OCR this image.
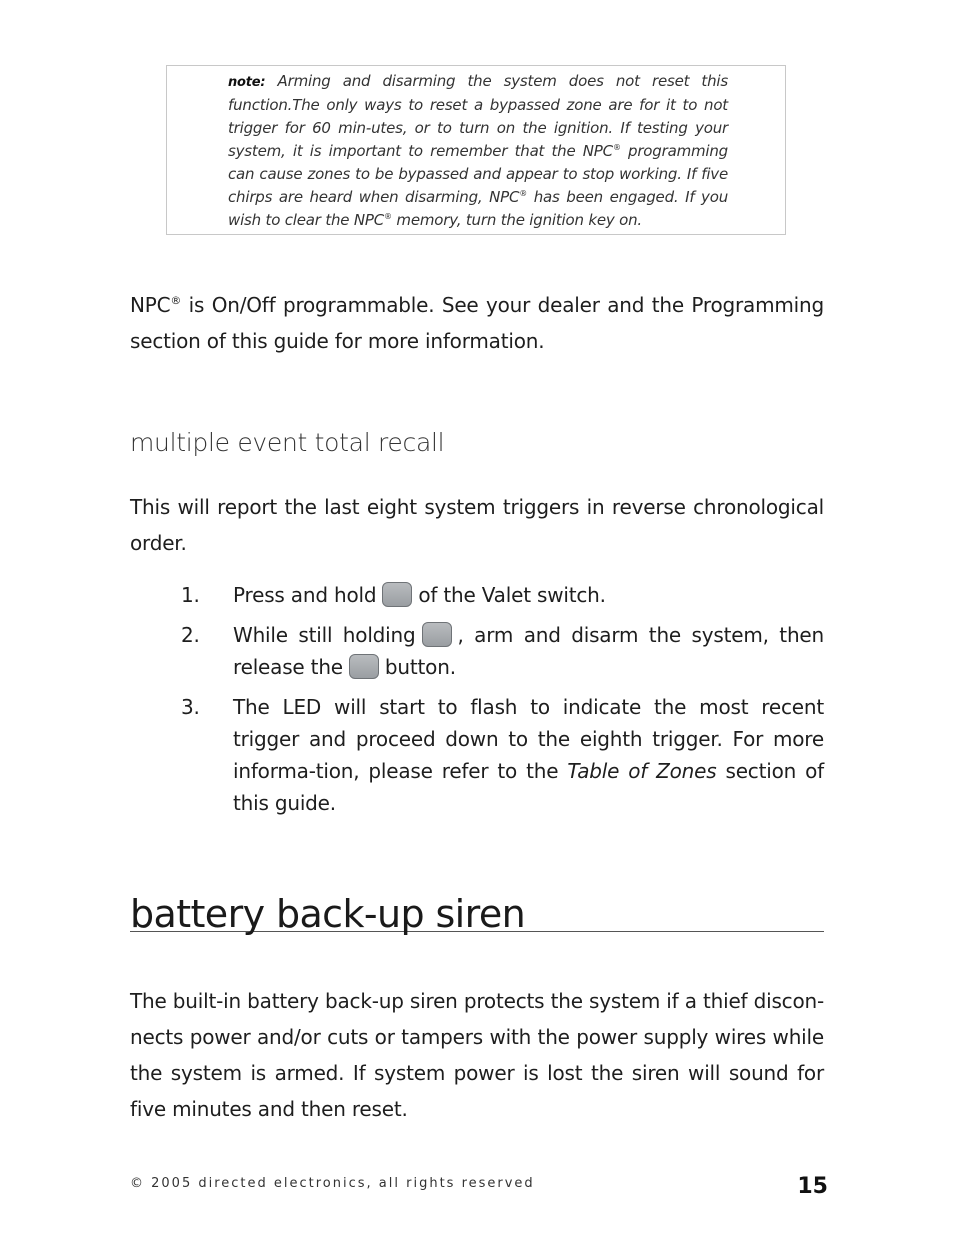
note: Arming and disarming the system does not reset this function.The only ways to reset a bypassed zone are for it to not trigger for 60 min-utes, or to turn on the ignition. If testing your system, it is important to remember that the NPC® programming can cause zones to be bypassed and appear to stop working. If five chirps are heard when disarming, NPC® has been engaged. If you wish to clear the NPC® memory, turn the ignition key on.
NPC® is On/Off programmable. See your dealer and the Programming section of this guide for more information.
multiple event total recall
This will report the last eight system triggers in reverse chronological order.
1. Press and hold of the Valet switch.
2. While still holding , arm and disarm the system, then release the button.
3. The LED will start to flash to indicate the most recent trigger and proceed down to the eighth trigger. For more informa-tion, please refer to the Table of Zones section of this guide.
battery back-up siren
The built-in battery back-up siren protects the system if a thief discon-nects power and/or cuts or tampers with the power supply wires while the system is armed. If system power is lost the siren will sound for five minutes and then reset.
© 2005 directed electronics, all rights reserved	15
